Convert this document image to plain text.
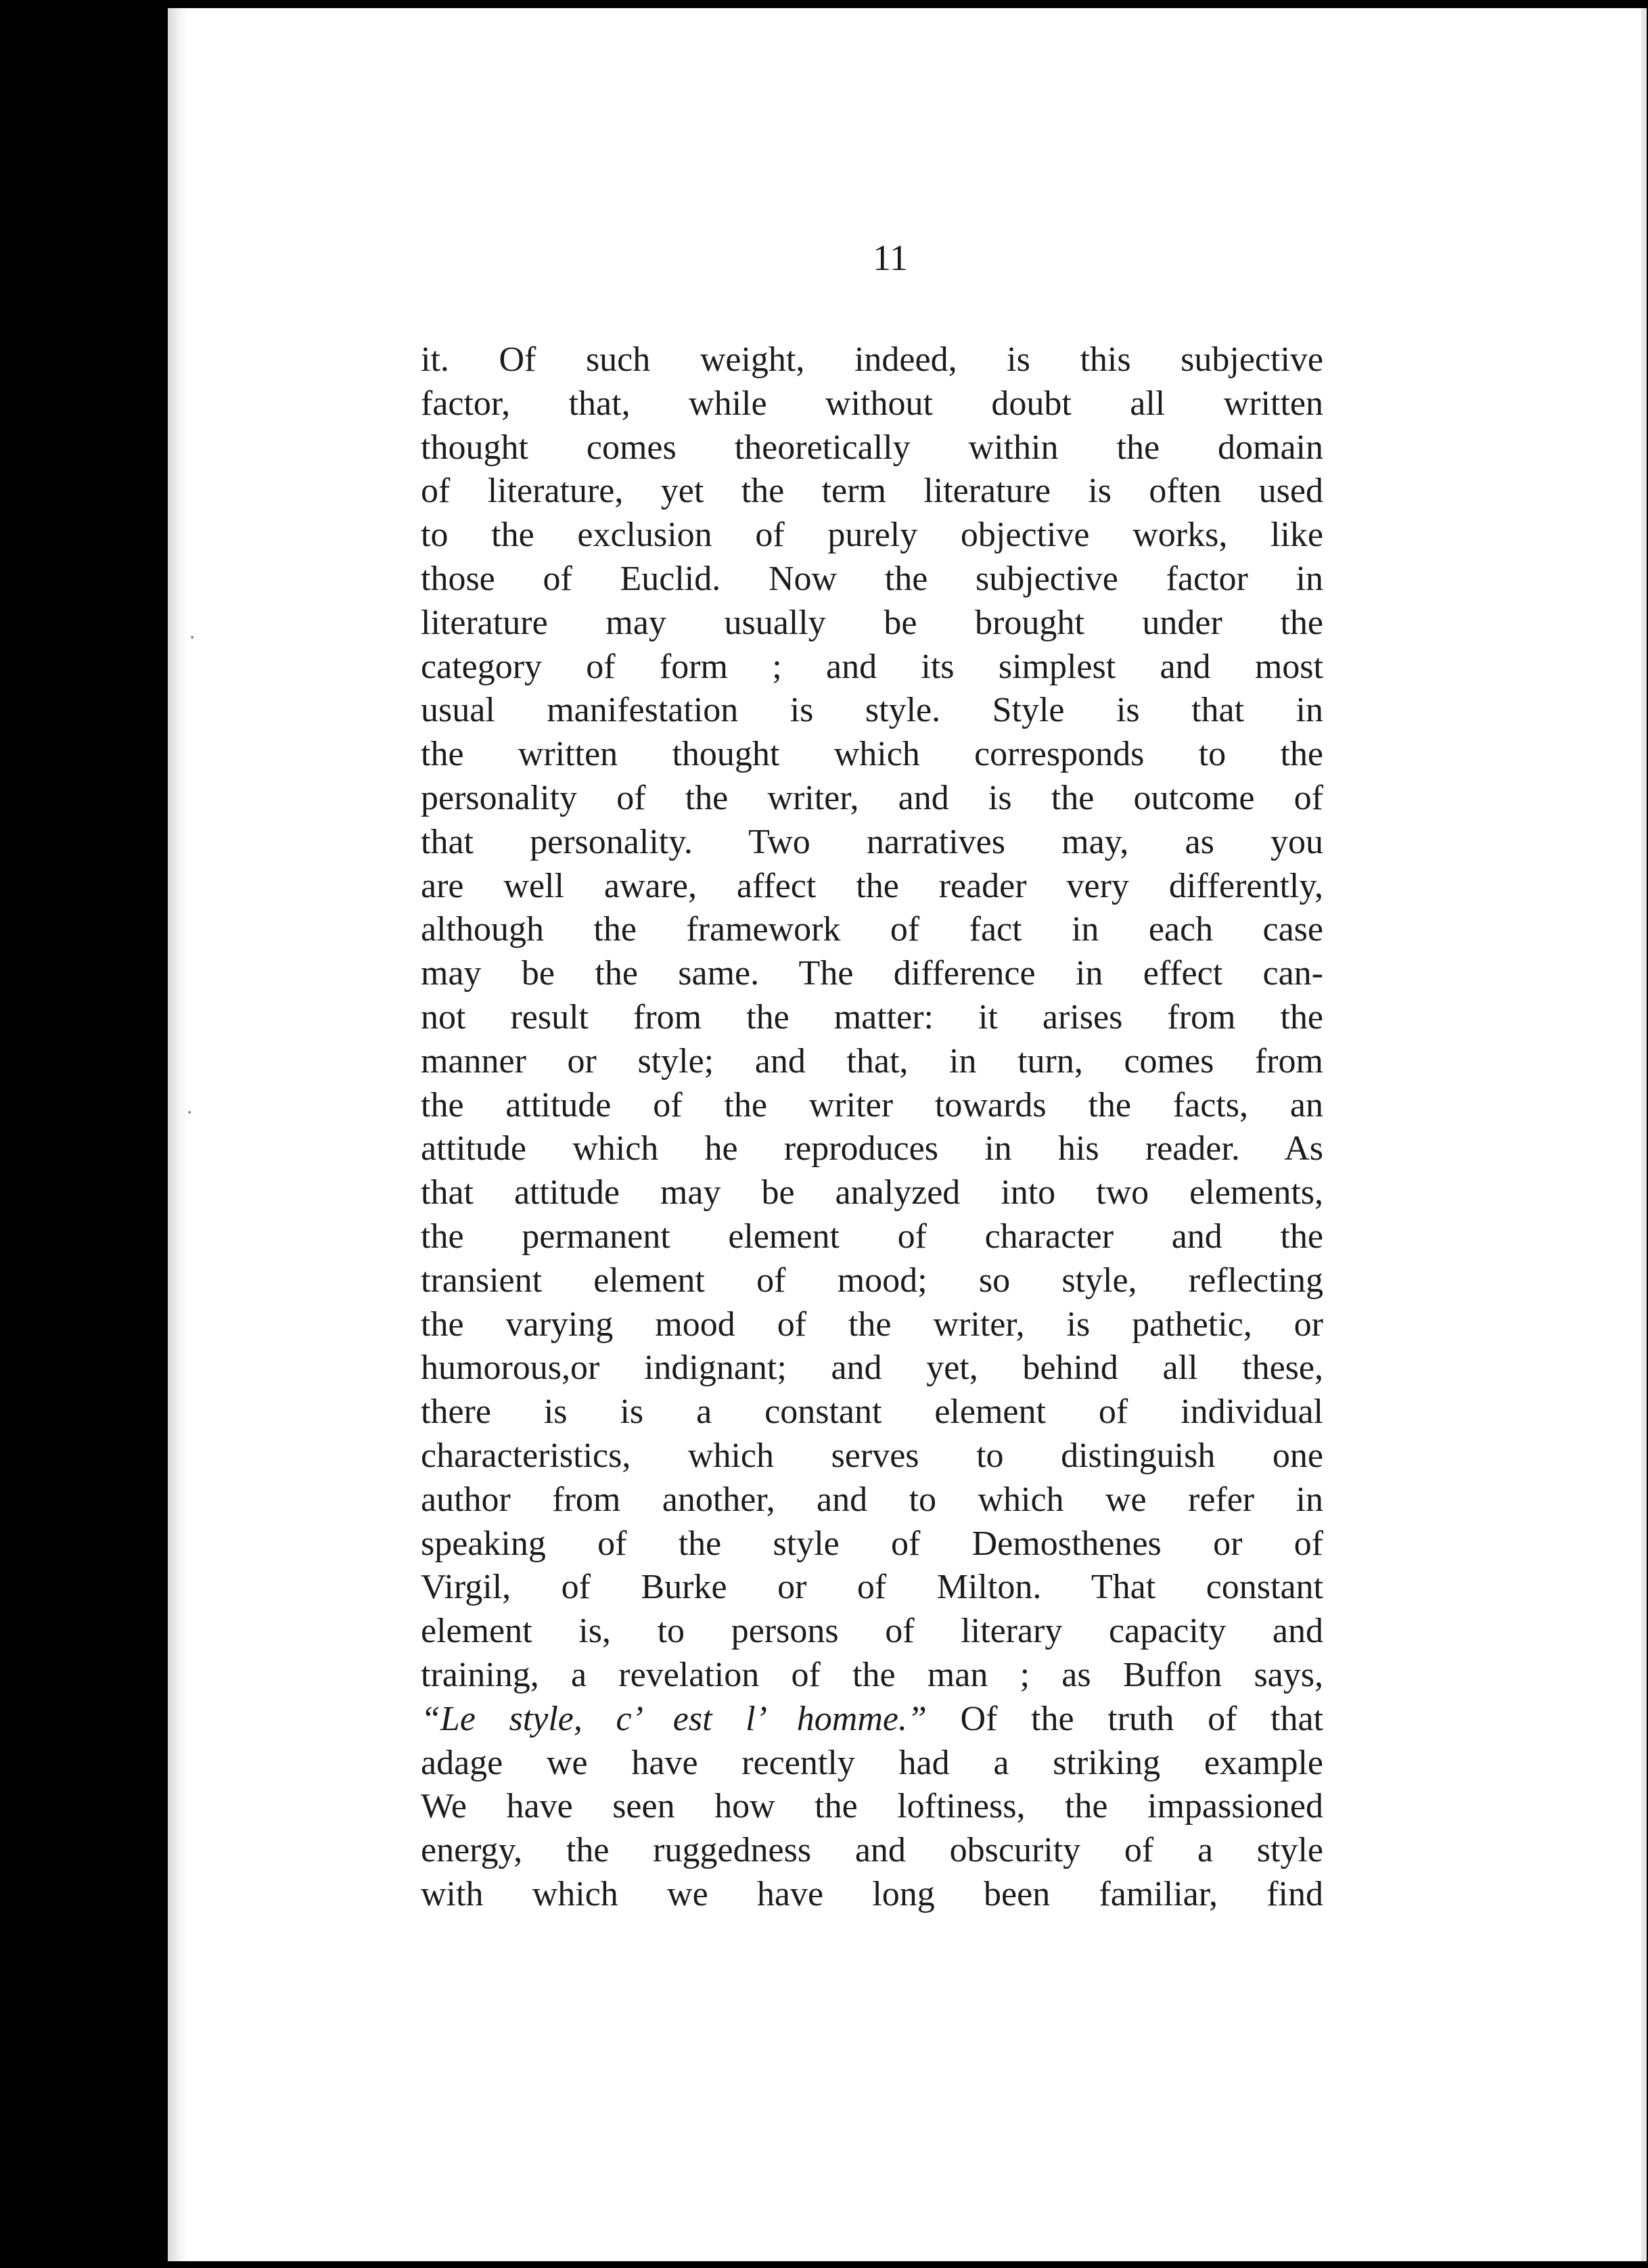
·
·
11
it. Of such weight, indeed, is this subjective
factor, that, while without doubt all written
thought comes theoretically within the domain
of literature, yet the term literature is often used
to the exclusion of purely objective works, like
those of Euclid. Now the subjective factor in
literature may usually be brought under the
category of form ; and its simplest and most
usual manifestation is style. Style is that in
the written thought which corresponds to the
personality of the writer, and is the outcome of
that personality. Two narratives may, as you
are well aware, affect the reader very differently,
although the framework of fact in each case
may be the same. The difference in effect can-
not result from the matter: it arises from the
manner or style; and that, in turn, comes from
the attitude of the writer towards the facts, an
attitude which he reproduces in his reader. As
that attitude may be analyzed into two elements,
the permanent element of character and the
transient element of mood; so style, reflecting
the varying mood of the writer, is pathetic, or
humorous,or indignant; and yet, behind all these,
there is is a constant element of individual
characteristics, which serves to distinguish one
author from another, and to which we refer in
speaking of the style of Demosthenes or of
Virgil, of Burke or of Milton. That constant
element is, to persons of literary capacity and
training, a revelation of the man ; as Buffon says,
“Le style, c’ est l’ homme.” Of the truth of that
adage we have recently had a striking example
We have seen how the loftiness, the impassioned
energy, the ruggedness and obscurity of a style
with which we have long been familiar, find
